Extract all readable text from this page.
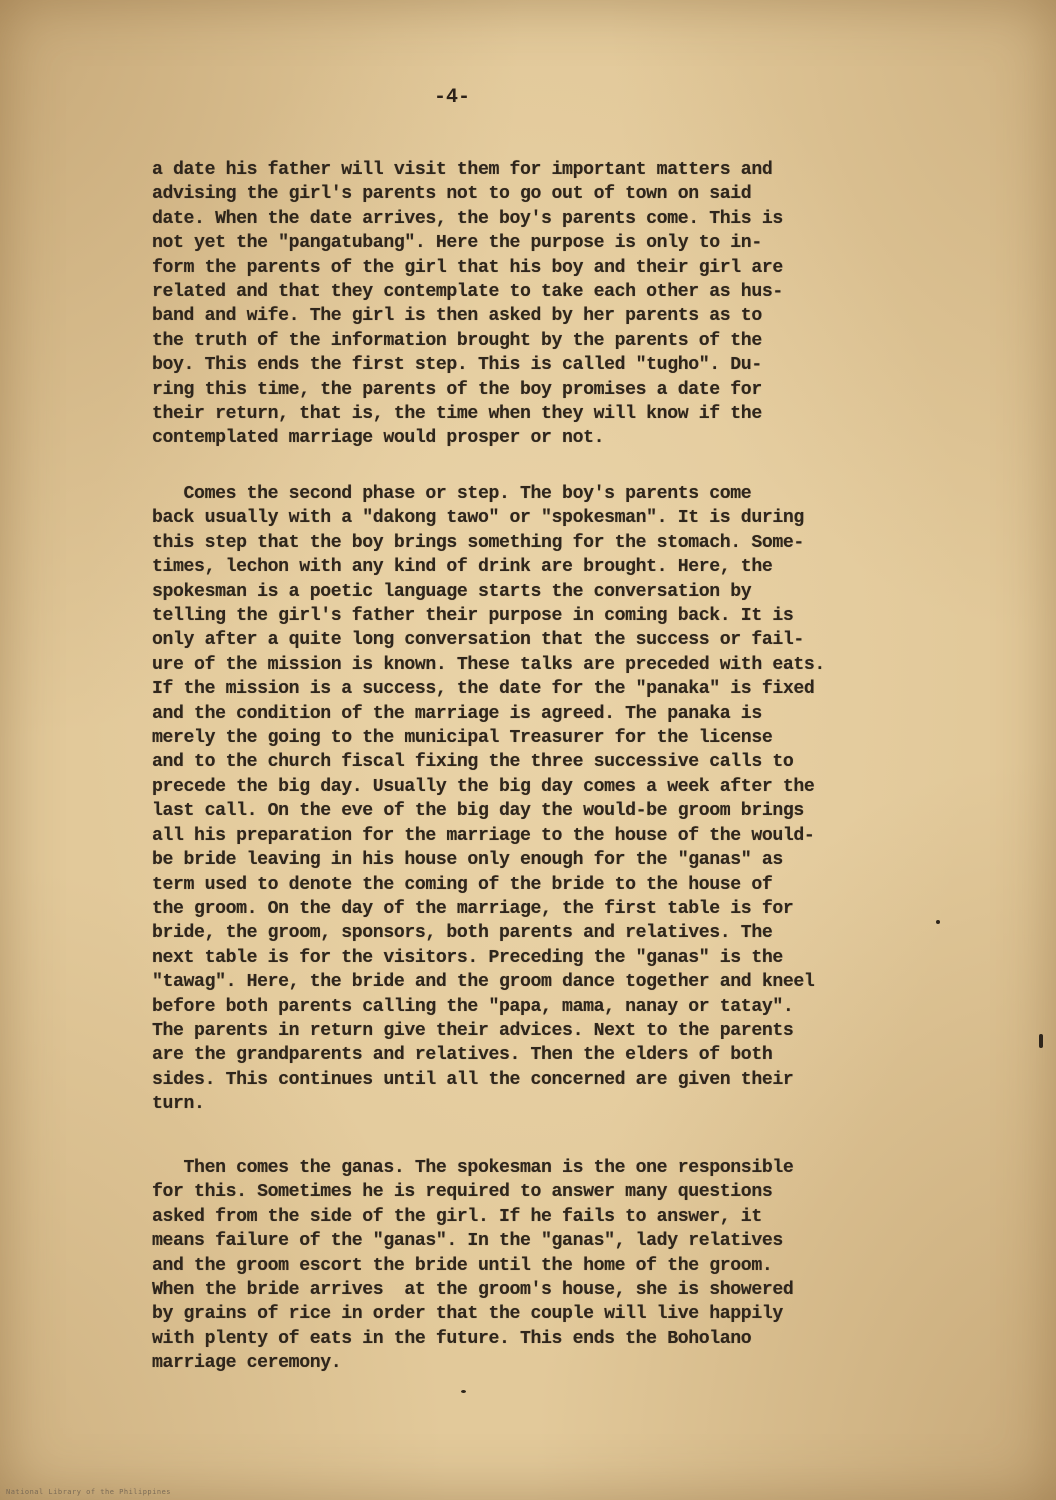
-4-
a date his father will visit them for important matters and
advising the girl's parents not to go out of town on said
date. When the date arrives, the boy's parents come. This is
not yet the "pangatubang". Here the purpose is only to in-
form the parents of the girl that his boy and their girl are
related and that they contemplate to take each other as hus-
band and wife. The girl is then asked by her parents as to
the truth of the information brought by the parents of the
boy. This ends the first step. This is called "tugho". Du-
ring this time, the parents of the boy promises a date for
their return, that is, the time when they will know if the
contemplated marriage would prosper or not.
Comes the second phase or step. The boy's parents come
back usually with a "dakong tawo" or "spokesman". It is during
this step that the boy brings something for the stomach. Some-
times, lechon with any kind of drink are brought. Here, the
spokesman is a poetic language starts the conversation by
telling the girl's father their purpose in coming back. It is
only after a quite long conversation that the success or fail-
ure of the mission is known. These talks are preceded with eats.
If the mission is a success, the date for the "panaka" is fixed
and the condition of the marriage is agreed. The panaka is
merely the going to the municipal Treasurer for the license
and to the church fiscal fixing the three successive calls to
precede the big day. Usually the big day comes a week after the
last call. On the eve of the big day the would-be groom brings
all his preparation for the marriage to the house of the would-
be bride leaving in his house only enough for the "ganas" as
term used to denote the coming of the bride to the house of
the groom. On the day of the marriage, the first table is for
bride, the groom, sponsors, both parents and relatives. The
next table is for the visitors. Preceding the "ganas" is the
"tawag". Here, the bride and the groom dance together and kneel
before both parents calling the "papa, mama, nanay or tatay".
The parents in return give their advices. Next to the parents
are the grandparents and relatives. Then the elders of both
sides. This continues until all the concerned are given their
turn.
Then comes the ganas. The spokesman is the one responsible
for this. Sometimes he is required to answer many questions
asked from the side of the girl. If he fails to answer, it
means failure of the "ganas". In the "ganas", lady relatives
and the groom escort the bride until the home of the groom.
When the bride arrives  at the groom's house, she is showered
by grains of rice in order that the couple will live happily
with plenty of eats in the future. This ends the Boholano
marriage ceremony.
National Library of the Philippines
